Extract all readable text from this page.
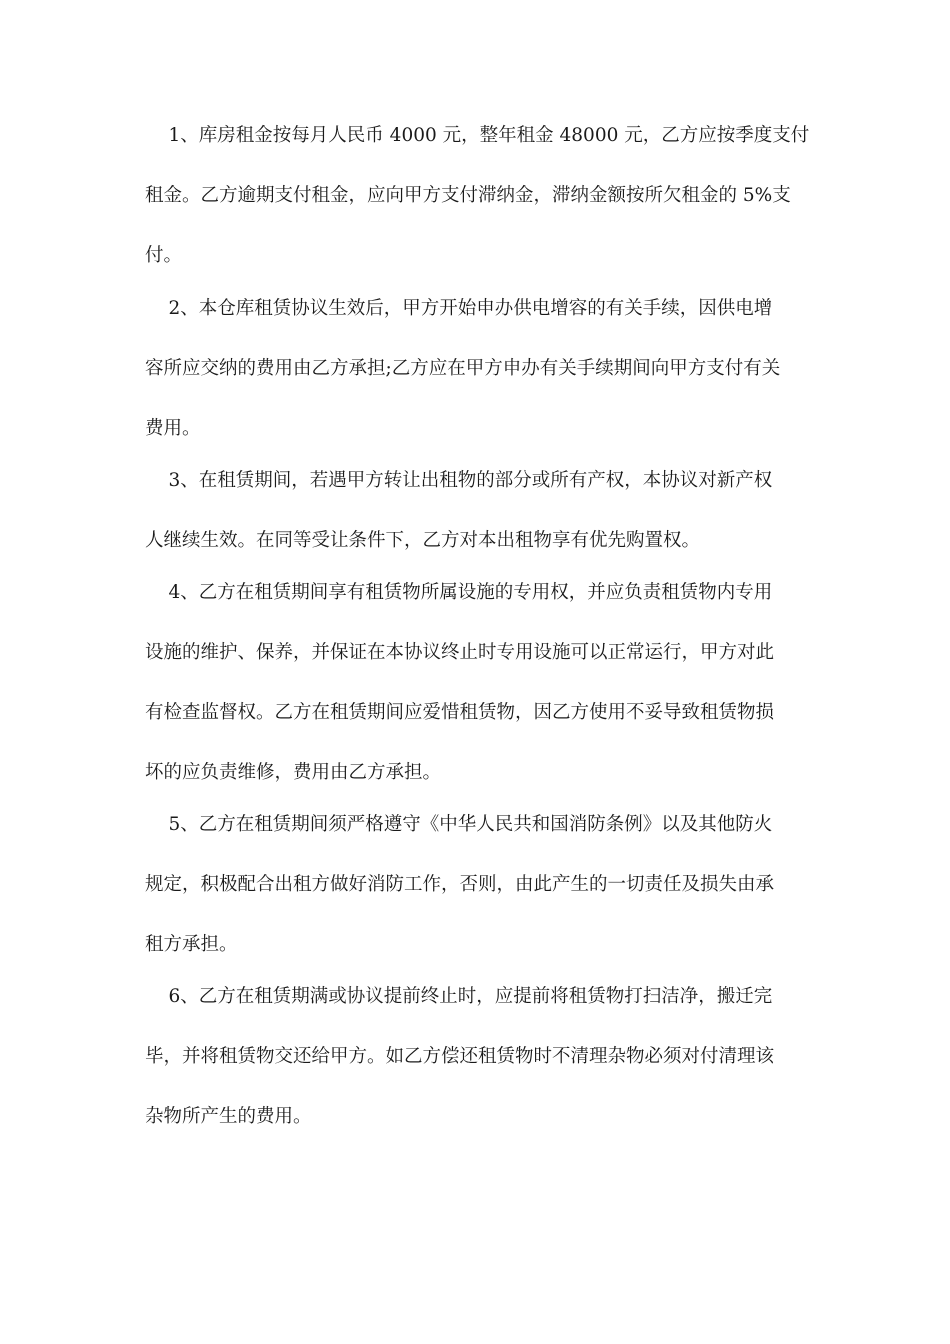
1、库房租金按每月人民币 4000 元，整年租金 48000 元，乙方应按季度支付
租金。乙方逾期支付租金，应向甲方支付滞纳金，滞纳金额按所欠租金的 5%支
付。
2、本仓库租赁协议生效后，甲方开始申办供电增容的有关手续，因供电增
容所应交纳的费用由乙方承担;乙方应在甲方申办有关手续期间向甲方支付有关
费用。
3、在租赁期间，若遇甲方转让出租物的部分或所有产权，本协议对新产权
人继续生效。在同等受让条件下，乙方对本出租物享有优先购置权。
4、乙方在租赁期间享有租赁物所属设施的专用权，并应负责租赁物内专用
设施的维护、保养，并保证在本协议终止时专用设施可以正常运行，甲方对此
有检查监督权。乙方在租赁期间应爱惜租赁物，因乙方使用不妥导致租赁物损
坏的应负责维修，费用由乙方承担。
5、乙方在租赁期间须严格遵守《中华人民共和国消防条例》以及其他防火
规定，积极配合出租方做好消防工作，否则，由此产生的一切责任及损失由承
租方承担。
6、乙方在租赁期满或协议提前终止时，应提前将租赁物打扫洁净，搬迁完
毕，并将租赁物交还给甲方。如乙方偿还租赁物时不清理杂物必须对付清理该
杂物所产生的费用。
